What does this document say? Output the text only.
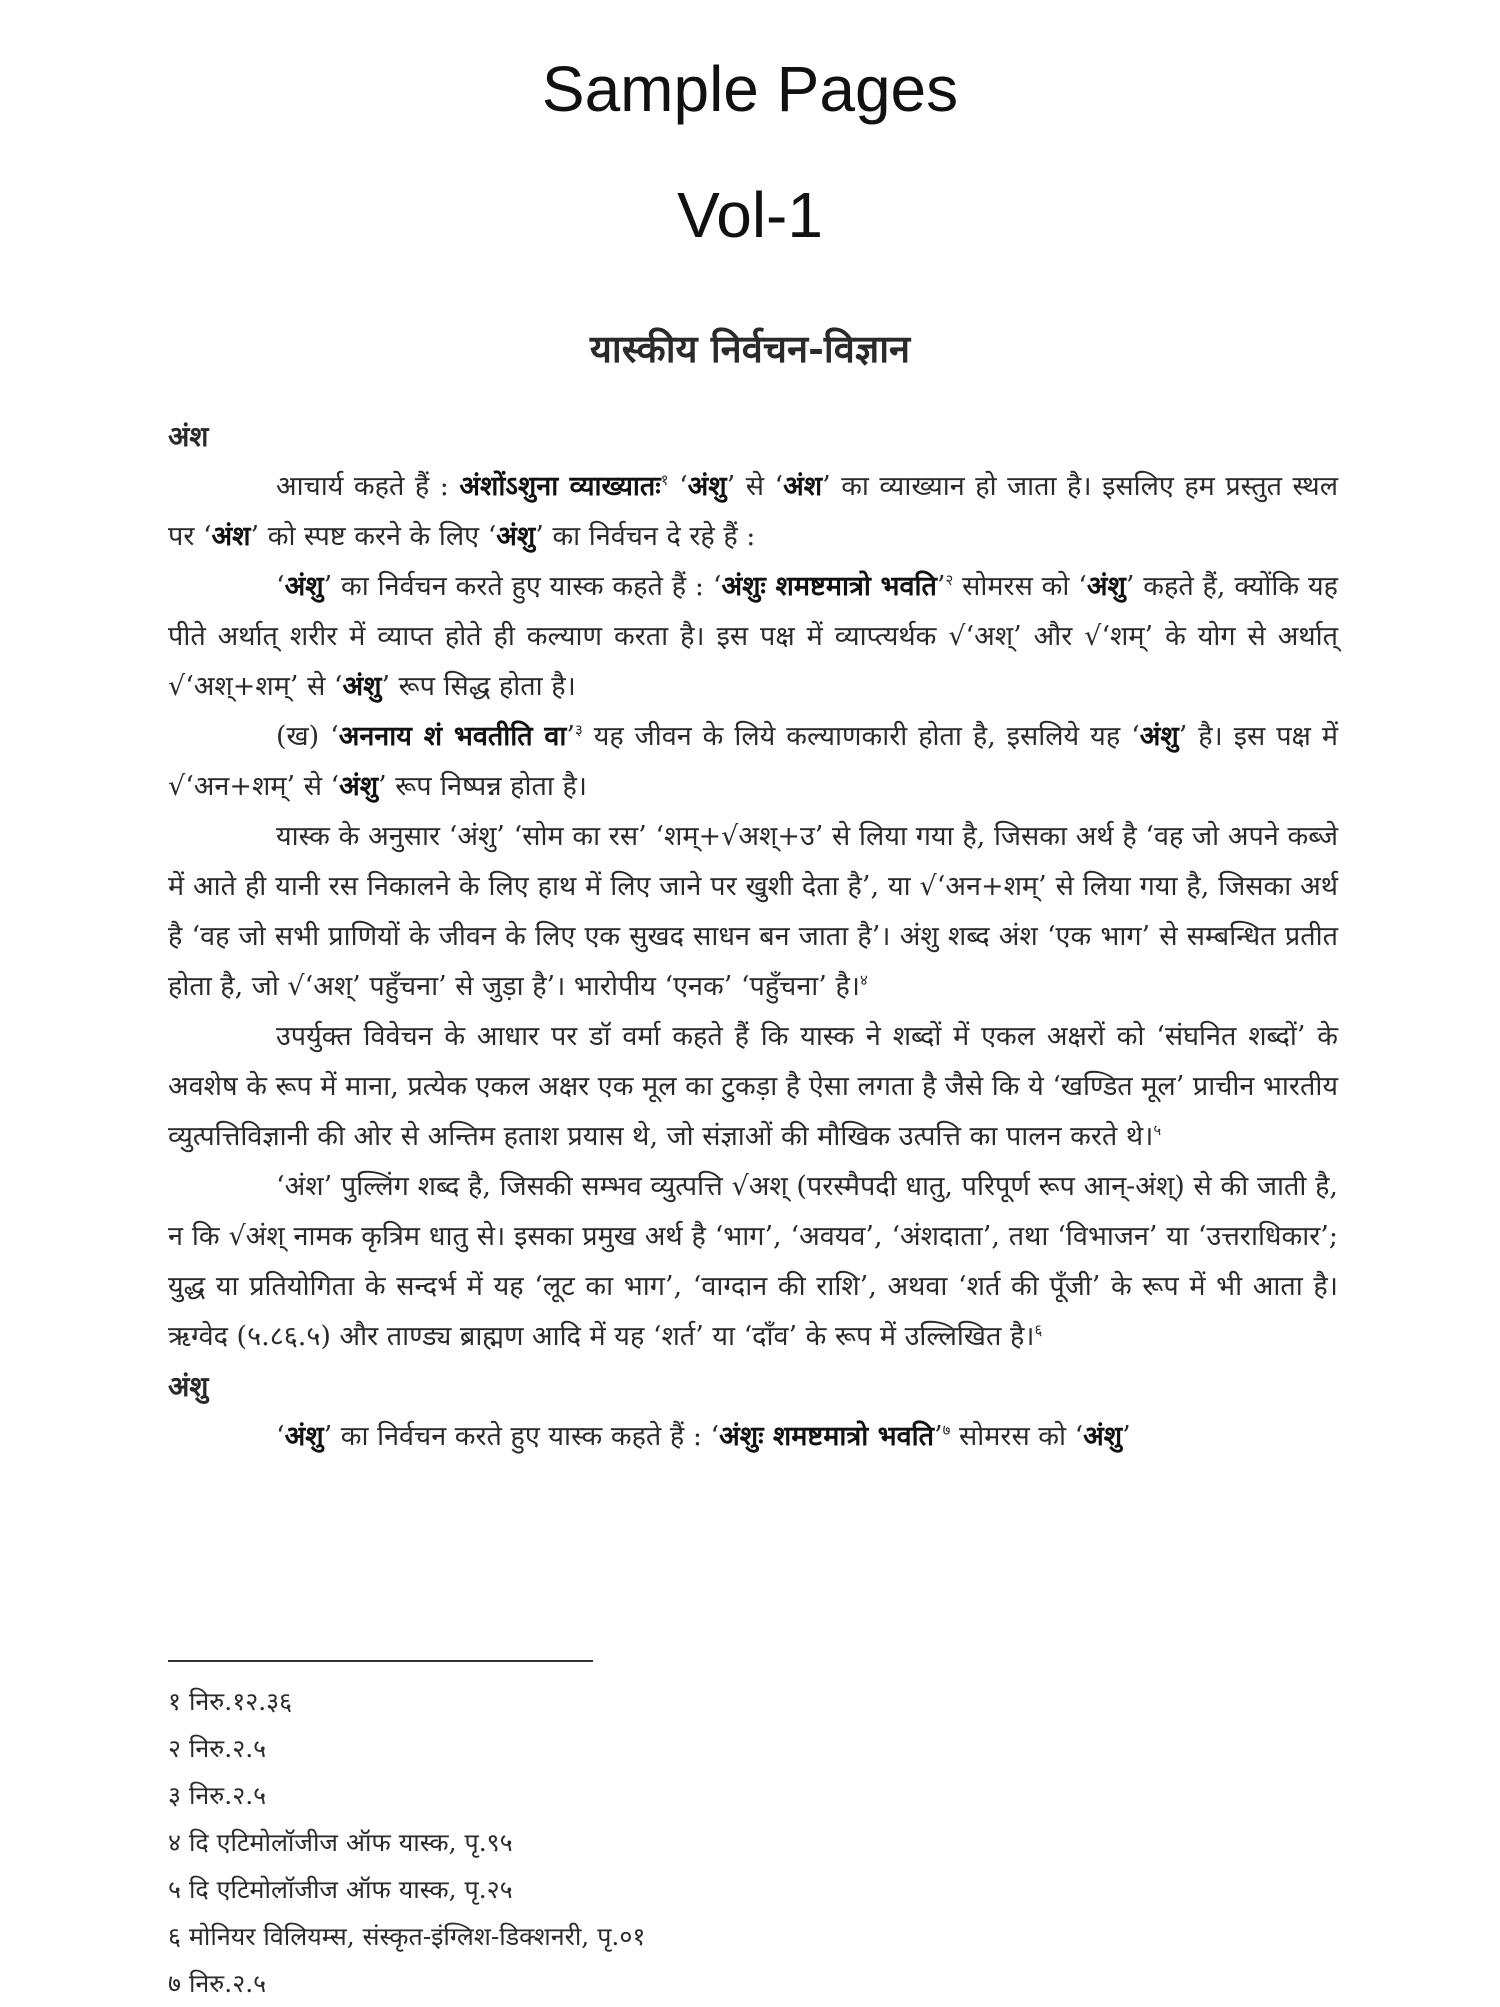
Sample Pages
Vol-1
यास्कीय निर्वचन-विज्ञान

अंश

आचार्य कहते हैं : अंशोंऽशुना व्याख्यातः$^१$ ‘अंशु’ से ‘अंश’ का व्याख्यान हो जाता है। इसलिए हम प्रस्तुत स्थल पर ‘अंश’ को स्पष्ट करने के लिए ‘अंशु’ का निर्वचन दे रहे हैं :

‘अंशु’ का निर्वचन करते हुए यास्क कहते हैं : ‘अंशुः शमष्टमात्रो भवति’$^२$ सोमरस को ‘अंशु’ कहते हैं, क्योंकि यह पीते अर्थात् शरीर में व्याप्त होते ही कल्याण करता है। इस पक्ष में व्याप्त्यर्थक √‘अश्’ और √‘शम्’ के योग से अर्थात् √‘अश्+शम्’ से ‘अंशु’ रूप सिद्ध होता है।

(ख) ‘अननाय शं भवतीति वा’$^३$ यह जीवन के लिये कल्याणकारी होता है, इसलिये यह ‘अंशु’ है। इस पक्ष में √‘अन+शम्’ से ‘अंशु’ रूप निष्पन्न होता है।

यास्क के अनुसार ‘अंशु’ ‘सोम का रस’ ‘शम्+√अश्+उ’ से लिया गया है, जिसका अर्थ है ‘वह जो अपने कब्जे में आते ही यानी रस निकालने के लिए हाथ में लिए जाने पर खुशी देता है’, या √‘अन+शम्’ से लिया गया है, जिसका अर्थ है ‘वह जो सभी प्राणियों के जीवन के लिए एक सुखद साधन बन जाता है’। अंशु शब्द अंश ‘एक भाग’ से सम्बन्धित प्रतीत होता है, जो √‘अश्’ पहुँचना’ से जुड़ा है’। भारोपीय ‘एनक’ ‘पहुँचना’ है।$^४$

उपर्युक्त विवेचन के आधार पर डॉ वर्मा कहते हैं कि यास्क ने शब्दों में एकल अक्षरों को ‘संघनित शब्दों’ के अवशेष के रूप में माना, प्रत्येक एकल अक्षर एक मूल का टुकड़ा है ऐसा लगता है जैसे कि ये ‘खण्डित मूल’ प्राचीन भारतीय व्युत्पत्तिविज्ञानी की ओर से अन्तिम हताश प्रयास थे, जो संज्ञाओं की मौखिक उत्पत्ति का पालन करते थे।$^५$

‘अंश’ पुल्लिंग शब्द है, जिसकी सम्भव व्युत्पत्ति √अश् (परस्मैपदी धातु, परिपूर्ण रूप आन्-अंश्) से की जाती है, न कि √अंश् नामक कृत्रिम धातु से। इसका प्रमुख अर्थ है ‘भाग’, ‘अवयव’, ‘अंशदाता’, तथा ‘विभाजन’ या ‘उत्तराधिकार’; युद्ध या प्रतियोगिता के सन्दर्भ में यह ‘लूट का भाग’, ‘वाग्दान की राशि’, अथवा ‘शर्त की पूँजी’ के रूप में भी आता है। ऋग्वेद (५.८६.५) और ताण्ड्य ब्राह्मण आदि में यह ‘शर्त’ या ‘दाँव’ के रूप में उल्लिखित है।$^६$

अंशु

‘अंशु’ का निर्वचन करते हुए यास्क कहते हैं : ‘अंशुः शमष्टमात्रो भवति’$^७$ सोमरस को ‘अंशु’

१ निरु.१२.३६

२ निरु.२.५

३ निरु.२.५

४ दि एटिमोलॉजीज ऑफ यास्क, पृ.९५

५ दि एटिमोलॉजीज ऑफ यास्क, पृ.२५

६ मोनियर विलियम्स, संस्कृत-इंग्लिश-डिक्शनरी, पृ.०१

७ निरु.२.५
